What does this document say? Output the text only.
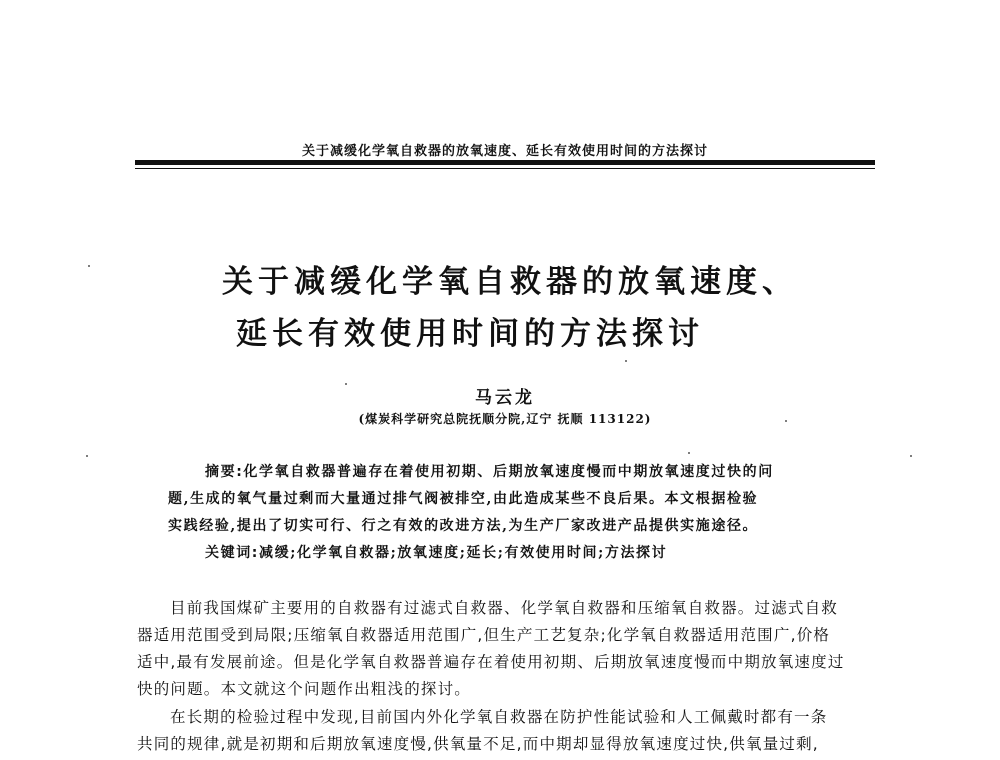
关于减缓化学氧自救器的放氧速度、延长有效使用时间的方法探讨
关于减缓化学氧自救器的放氧速度、
延长有效使用时间的方法探讨
马云龙
(煤炭科学研究总院抚顺分院,辽宁 抚顺 113122)
摘要:化学氧自救器普遍存在着使用初期、后期放氧速度慢而中期放氧速度过快的问
题,生成的氧气量过剩而大量通过排气阀被排空,由此造成某些不良后果。本文根据检验
实践经验,提出了切实可行、行之有效的改进方法,为生产厂家改进产品提供实施途径。
关键词:减缓;化学氧自救器;放氧速度;延长;有效使用时间;方法探讨
目前我国煤矿主要用的自救器有过滤式自救器、化学氧自救器和压缩氧自救器。过滤式自救
器适用范围受到局限;压缩氧自救器适用范围广,但生产工艺复杂;化学氧自救器适用范围广,价格
适中,最有发展前途。但是化学氧自救器普遍存在着使用初期、后期放氧速度慢而中期放氧速度过
快的问题。本文就这个问题作出粗浅的探讨。
在长期的检验过程中发现,目前国内外化学氧自救器在防护性能试验和人工佩戴时都有一条
共同的规律,就是初期和后期放氧速度慢,供氧量不足,而中期却显得放氧速度过快,供氧量过剩,
